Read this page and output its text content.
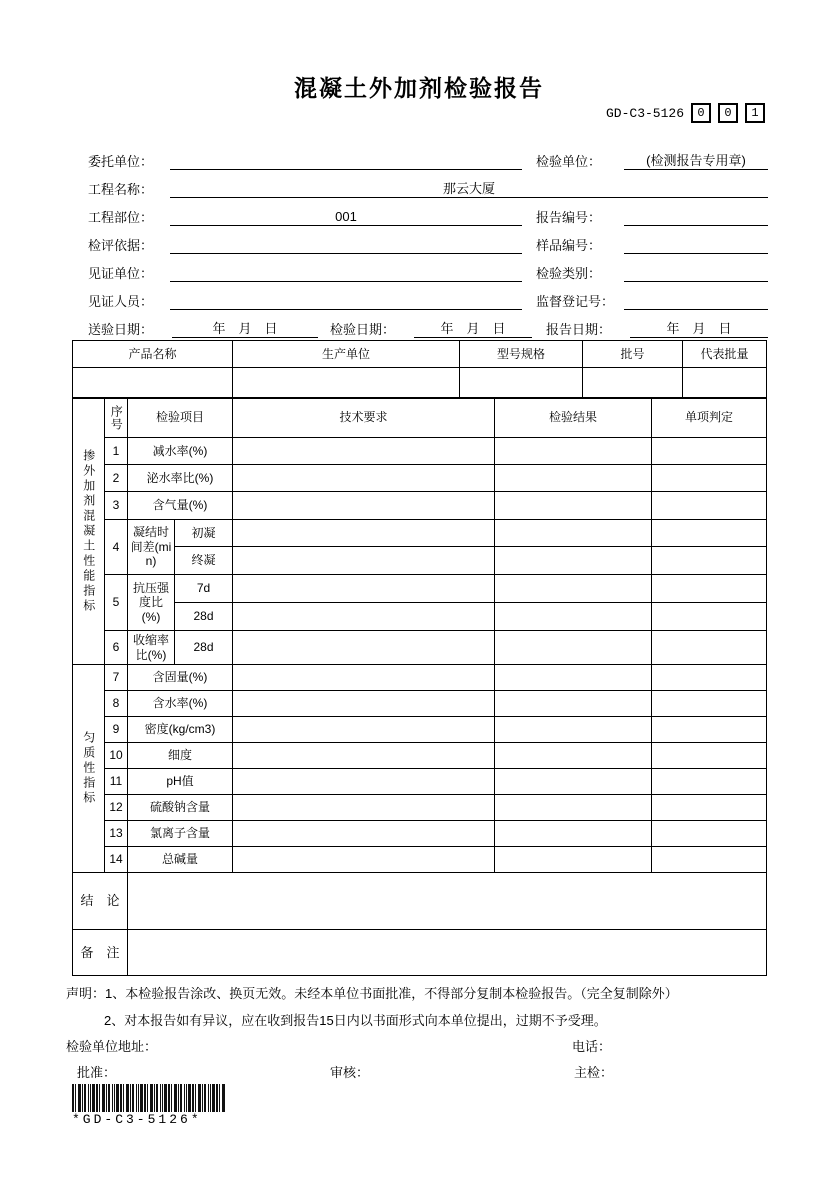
混凝土外加剂检验报告
GD-C3-5126	0	0	1
委托单位：	检验单位：	(检测报告专用章)
工程名称：	那云大厦
工程部位：	001	报告编号：
检评依据：	样品编号：
见证单位：	检验类别：
见证人员：	监督登记号：
送验日期：	年　月　日	检验日期：	年　月　日	报告日期：	年　月　日
产品名称	生产单位	型号规格	批号	代表批量

掺外加剂混凝土性能指标	序号	检验项目		技术要求	检验结果	单项判定
	1	减水率(%)				
	2	泌水率比(%)				
	3	含气量(%)				
	4	凝结时间差(min)	初凝			
			终凝			
	5	抗压强度比(%)	7d			
			28d			
	6	收缩率比(%)	28d			
匀质性指标	7	含固量(%)				
	8	含水率(%)				
	9	密度(kg/cm3)				
	10	细度				
	11	pH值				
	12	硫酸钠含量				
	13	氯离子含量				
	14	总碱量				
结　论						
备　注						
声明：1、本检验报告涂改、换页无效。未经本单位书面批准，不得部分复制本检验报告。（完全复制除外）
2、对本报告如有异议，应在收到报告15日内以书面形式向本单位提出，过期不予受理。
检验单位地址：	电话：
批准：	审核：	主检：
*GD-C3-5126*
